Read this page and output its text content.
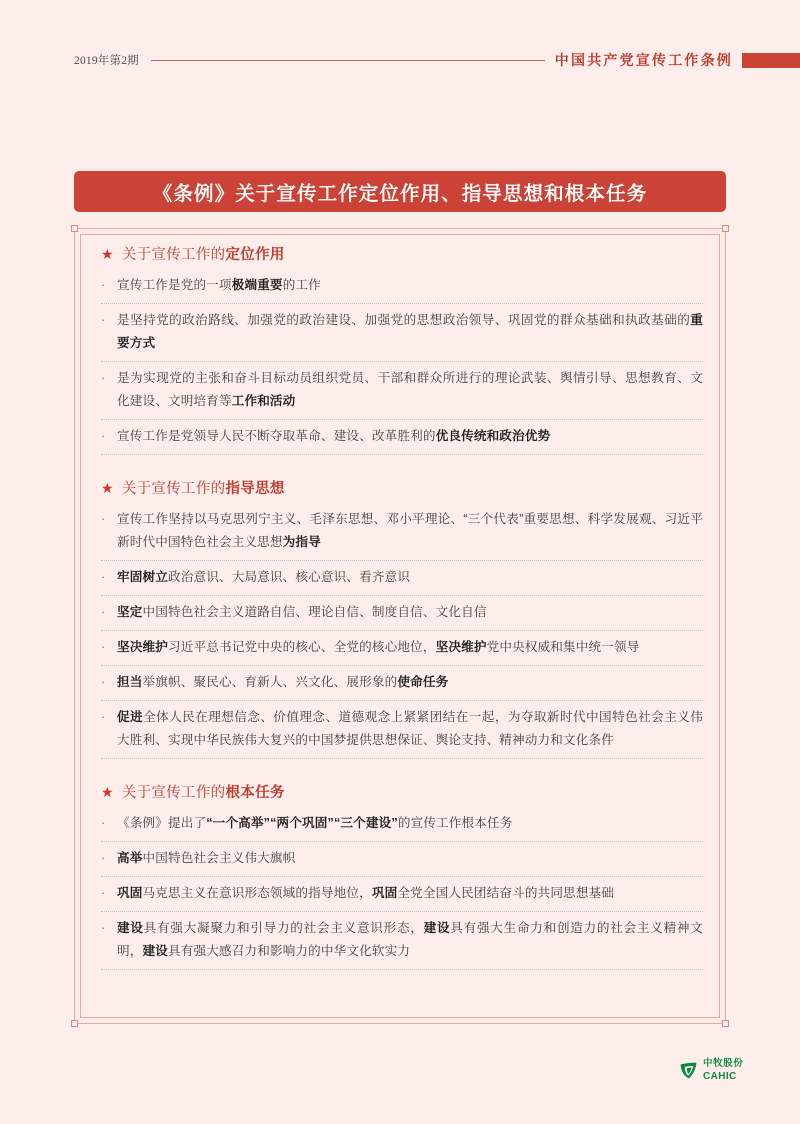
2019年第2期	中国共产党宣传工作条例
《条例》关于宣传工作定位作用、指导思想和根本任务
★ 关于宣传工作的 定位作用
· 宣传工作是党的一项极端重要的工作
· 是坚持党的政治路线、加强党的政治建设、加强党的思想政治领导、巩固党的群众基础和执政基础的重要方式
· 是为实现党的主张和奋斗目标动员组织党员、干部和群众所进行的理论武装、舆情引导、思想教育、文化建设、文明培育等工作和活动
· 宣传工作是党领导人民不断夺取革命、建设、改革胜利的优良传统和政治优势
★ 关于宣传工作的 指导思想
· 宣传工作坚持以马克思列宁主义、毛泽东思想、邓小平理论、“三个代表”重要思想、科学发展观、习近平新时代中国特色社会主义思想为指导
· 牢固树立政治意识、大局意识、核心意识、看齐意识
· 坚定中国特色社会主义道路自信、理论自信、制度自信、文化自信
· 坚决维护习近平总书记党中央的核心、全党的核心地位，坚决维护党中央权威和集中统一领导
· 担当举旗帜、聚民心、育新人、兴文化、展形象的使命任务
· 促进全体人民在理想信念、价值理念、道德观念上紧紧团结在一起，为夺取新时代中国特色社会主义伟大胜利、实现中华民族伟大复兴的中国梦提供思想保证、舆论支持、精神动力和文化条件
★ 关于宣传工作的 根本任务
· 《条例》提出了“一个高举”“两个巩固”“三个建设”的宣传工作根本任务
· 高举中国特色社会主义伟大旗帜
· 巩固马克思主义在意识形态领域的指导地位，巩固全党全国人民团结奋斗的共同思想基础
· 建设具有强大凝聚力和引导力的社会主义意识形态，建设具有强大生命力和创造力的社会主义精神文明，建设具有强大感召力和影响力的中华文化软实力
中牧股份
CAHIC
